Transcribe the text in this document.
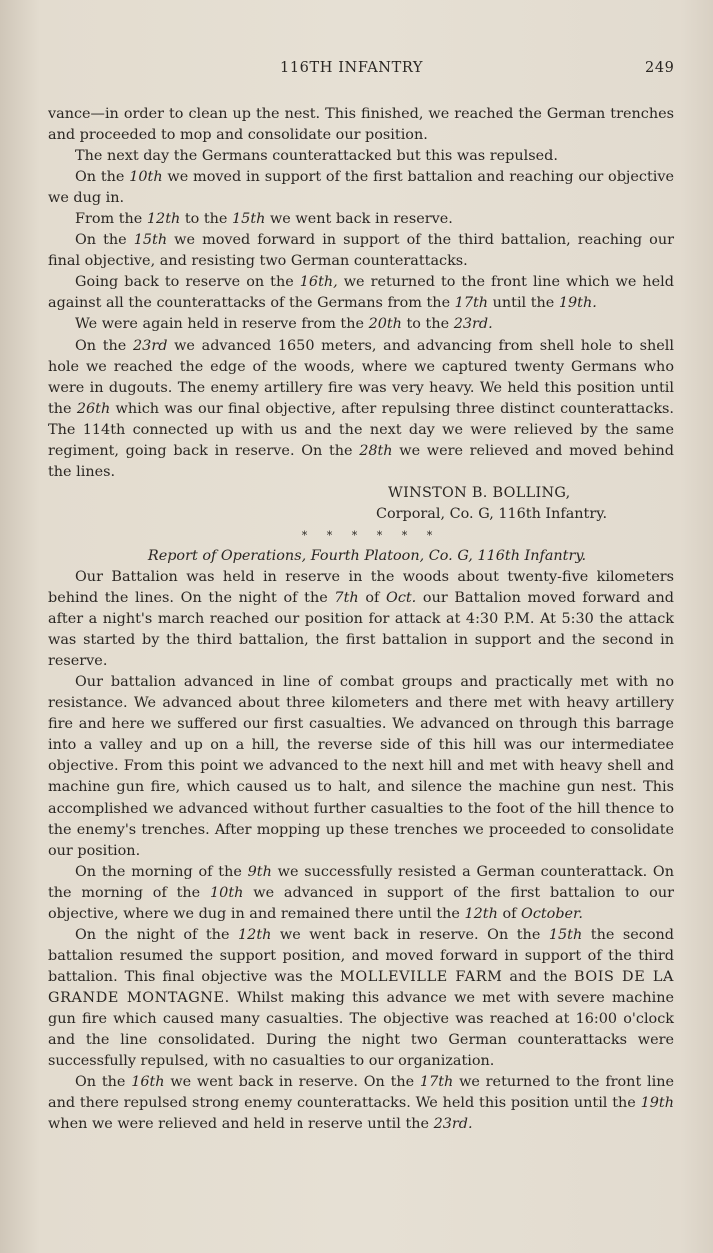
116TH INFANTRY	249

vance—in order to clean up the nest. This finished, we reached the German trenches and proceeded to mop and consolidate our position.

The next day the Germans counterattacked but this was repulsed.

On the 10th we moved in support of the first battalion and reaching our objective we dug in.

From the 12th to the 15th we went back in reserve.

On the 15th we moved forward in support of the third battalion, reaching our final objective, and resisting two German counterattacks.

Going back to reserve on the 16th, we returned to the front line which we held against all the counterattacks of the Germans from the 17th until the 19th.

We were again held in reserve from the 20th to the 23rd.

On the 23rd we advanced 1650 meters, and advancing from shell hole to shell hole we reached the edge of the woods, where we captured twenty Germans who were in dugouts. The enemy artillery fire was very heavy. We held this position until the 26th which was our final objective, after repulsing three distinct counterattacks. The 114th connected up with us and the next day we were relieved by the same regiment, going back in reserve. On the 28th we were relieved and moved behind the lines.

WINSTON B. BOLLING,

Corporal, Co. G, 116th Infantry.

* * * * * *

Report of Operations, Fourth Platoon, Co. G, 116th Infantry.

Our Battalion was held in reserve in the woods about twenty-five kilometers behind the lines. On the night of the 7th of Oct. our Battalion moved forward and after a night's march reached our position for attack at 4:30 P.M. At 5:30 the attack was started by the third battalion, the first battalion in support and the second in reserve.

Our battalion advanced in line of combat groups and practically met with no resistance. We advanced about three kilometers and there met with heavy artillery fire and here we suffered our first casualties. We advanced on through this barrage into a valley and up on a hill, the reverse side of this hill was our intermediatee objective. From this point we advanced to the next hill and met with heavy shell and machine gun fire, which caused us to halt, and silence the machine gun nest. This accomplished we advanced without further casualties to the foot of the hill thence to the enemy's trenches. After mopping up these trenches we proceeded to consolidate our position.

On the morning of the 9th we successfully resisted a German counterattack. On the morning of the 10th we advanced in support of the first battalion to our objective, where we dug in and remained there until the 12th of October.

On the night of the 12th we went back in reserve. On the 15th the second battalion resumed the support position, and moved forward in support of the third battalion. This final objective was the MOLLEVILLE FARM and the BOIS DE LA GRANDE MONTAGNE. Whilst making this advance we met with severe machine gun fire which caused many casualties. The objective was reached at 16:00 o'clock and the line consolidated. During the night two German counterattacks were successfully repulsed, with no casualties to our organization.

On the 16th we went back in reserve. On the 17th we returned to the front line and there repulsed strong enemy counterattacks. We held this position until the 19th when we were relieved and held in reserve until the 23rd.
